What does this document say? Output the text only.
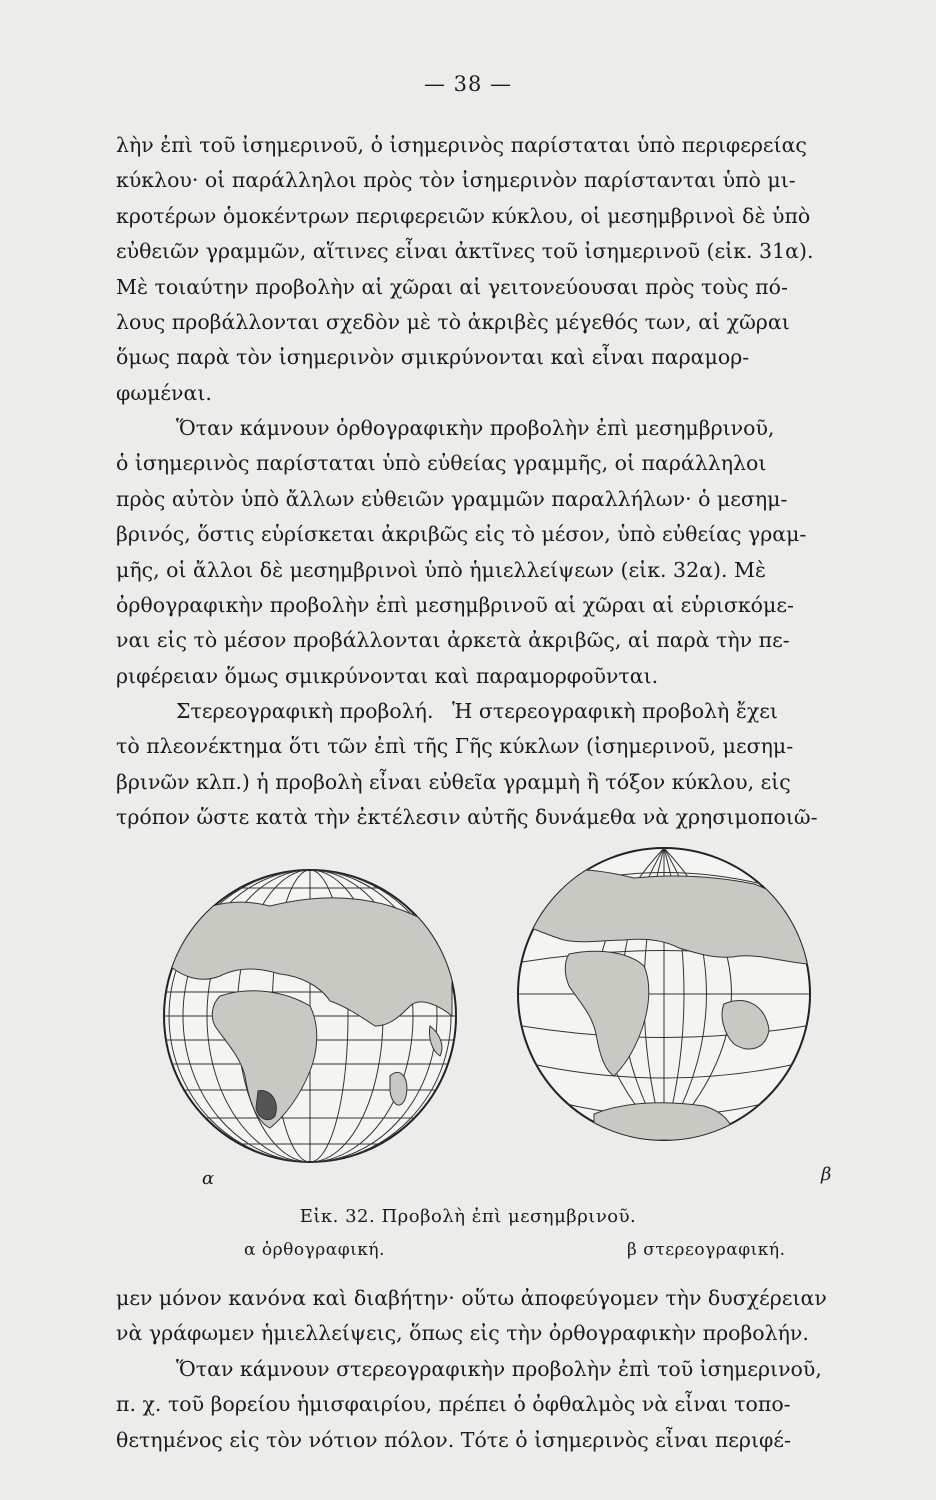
— 38 —

λὴν ἐπὶ τοῦ ἰσημερινοῦ, ὁ ἰσημερινὸς παρίσταται ὑπὸ περιφερείας

κύκλου· οἱ παράλληλοι πρὸς τὸν ἰσημερινὸν παρίστανται ὑπὸ μι-

κροτέρων ὁμοκέντρων περιφερειῶν κύκλου, οἱ μεσημβρινοὶ δὲ ὑπὸ

εὐθειῶν γραμμῶν, αἵτινες εἶναι ἀκτῖνες τοῦ ἰσημερινοῦ (εἰκ. 31α).

Μὲ τοιαύτην προβολὴν αἱ χῶραι αἱ γειτονεύουσαι πρὸς τοὺς πό-

λους προβάλλονται σχεδὸν μὲ τὸ ἀκριβὲς μέγεθός των, αἱ χῶραι

ὅμως παρὰ τὸν ἰσημερινὸν σμικρύνονται καὶ εἶναι παραμορ-

φωμέναι.

Ὅταν κάμνουν ὀρθογραφικὴν προβολὴν ἐπὶ μεσημβρινοῦ,

ὁ ἰσημερινὸς παρίσταται ὑπὸ εὐθείας γραμμῆς, οἱ παράλληλοι

πρὸς αὐτὸν ὑπὸ ἄλλων εὐθειῶν γραμμῶν παραλλήλων· ὁ μεσημ-

βρινός, ὅστις εὑρίσκεται ἀκριβῶς εἰς τὸ μέσον, ὑπὸ εὐθείας γραμ-

μῆς, οἱ ἄλλοι δὲ μεσημβρινοὶ ὑπὸ ἡμιελλείψεων (εἰκ. 32α). Μὲ

ὀρθογραφικὴν προβολὴν ἐπὶ μεσημβρινοῦ αἱ χῶραι αἱ εὑρισκόμε-

ναι εἰς τὸ μέσον προβάλλονται ἀρκετὰ ἀκριβῶς, αἱ παρὰ τὴν πε-

ριφέρειαν ὅμως σμικρύνονται καὶ παραμορφοῦνται.

Στερεογραφικὴ προβολή. Ἡ στερεογραφικὴ προβολὴ ἔχει

τὸ πλεονέκτημα ὅτι τῶν ἐπὶ τῆς Γῆς κύκλων (ἰσημερινοῦ, μεσημ-

βρινῶν κλπ.) ἡ προβολὴ εἶναι εὐθεῖα γραμμὴ ἢ τόξον κύκλου, εἰς

τρόπον ὥστε κατὰ τὴν ἐκτέλεσιν αὐτῆς δυνάμεθα νὰ χρησιμοποιῶ-

α	β
Εἰκ. 32. Προβολὴ ἐπὶ μεσημβρινοῦ.
α ὀρθογραφική.	β στερεογραφική.

μεν μόνον κανόνα καὶ διαβήτην· οὕτω ἀποφεύγομεν τὴν δυσχέρειαν

νὰ γράφωμεν ἡμιελλείψεις, ὅπως εἰς τὴν ὀρθογραφικὴν προβολήν.

Ὅταν κάμνουν στερεογραφικὴν προβολὴν ἐπὶ τοῦ ἰσημερινοῦ,

π. χ. τοῦ βορείου ἡμισφαιρίου, πρέπει ὁ ὀφθαλμὸς νὰ εἶναι τοπο-

θετημένος εἰς τὸν νότιον πόλον. Τότε ὁ ἰσημερινὸς εἶναι περιφέ-
